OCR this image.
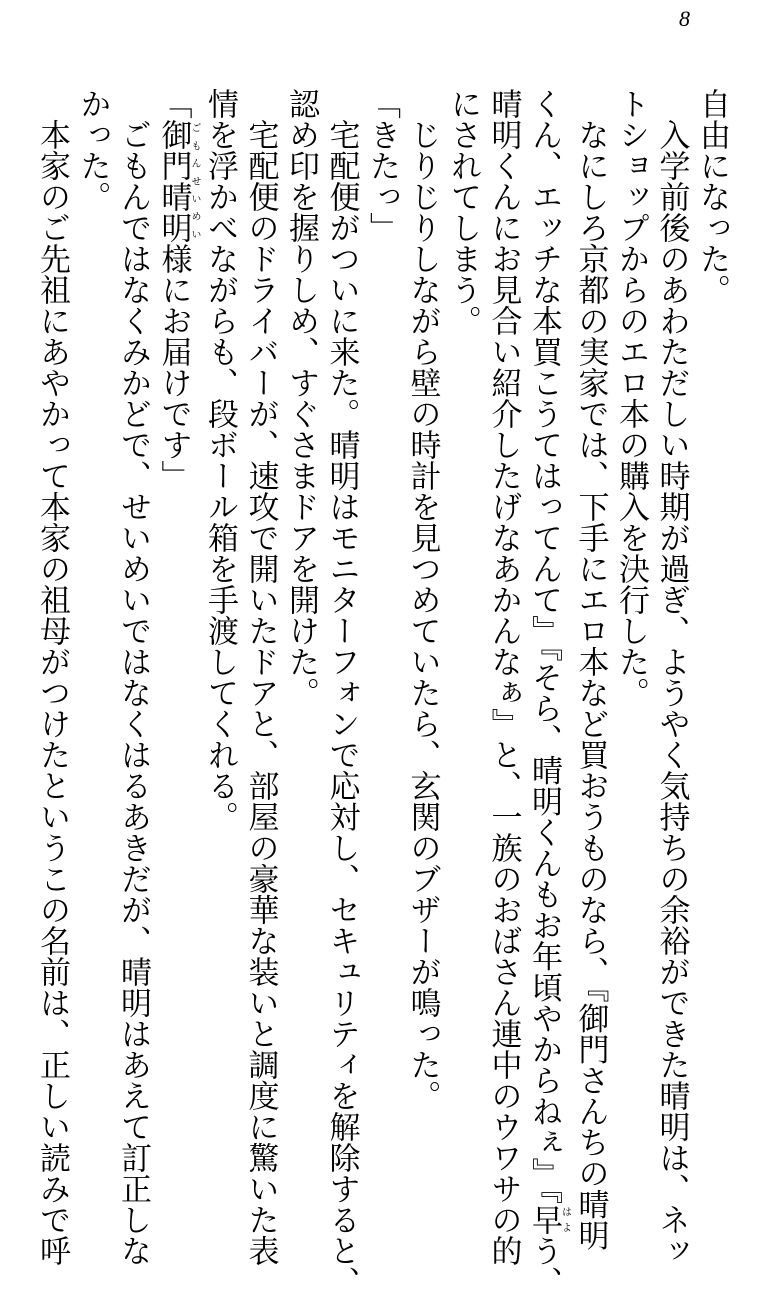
8
自由になった。
　入学前後のあわただしい時期が過ぎ、ようやく気持ちの余裕ができた晴明は、ネッ
トショップからのエロ本の購入を決行した。
　なにしろ京都の実家では、下手にエロ本など買おうものなら、『御門さんちの晴明
くん、エッチな本買こうてはってんて』『そら、晴明くんもお年頃やからねぇ』『早はよう、
晴明くんにお見合い紹介したげなあかんなぁ』と、一族のおばさん連中のウワサの的
にされてしまう。
　じりじりしながら壁の時計を見つめていたら、玄関のブザーが鳴った。
「きたっ」
　宅配便がついに来た。晴明はモニターフォンで応対し、セキュリティを解除すると、
認め印を握りしめ、すぐさまドアを開けた。
　宅配便のドライバーが、速攻で開いたドアと、部屋の豪華な装いと調度に驚いた表
情を浮かべながらも、段ボール箱を手渡してくれる。
「御門晴明ごもんせいめい様にお届けです」
　ごもんではなくみかどで、せいめいではなくはるあきだが、晴明はあえて訂正しな
かった。
　本家のご先祖にあやかって本家の祖母がつけたというこの名前は、正しい読みで呼
